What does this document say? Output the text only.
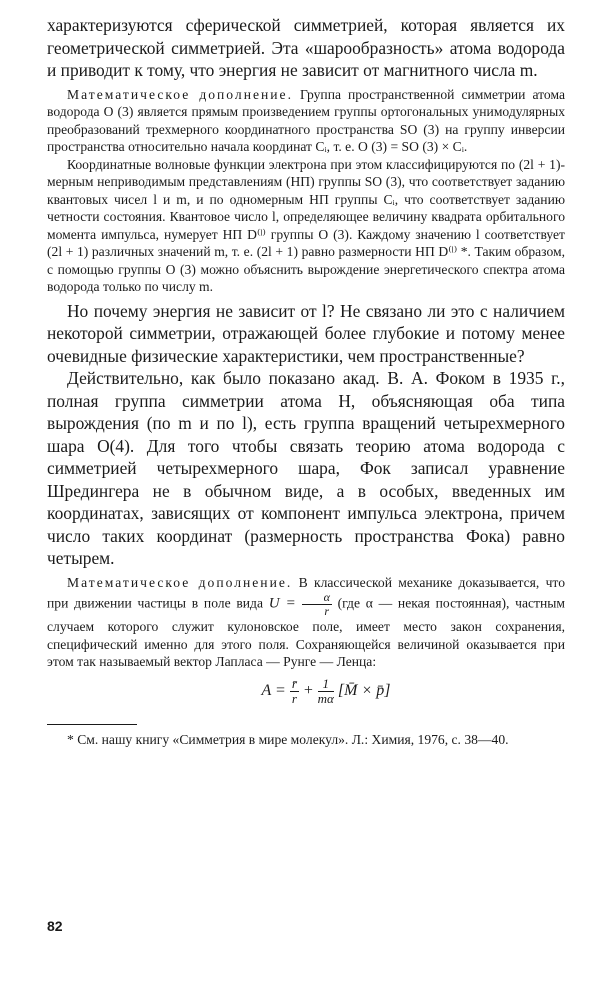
характеризуются сферической симметрией, которая является их геометрической симметрией. Эта «шарообразность» атома водорода и приводит к тому, что энергия не зависит от магнитного числа m.

Математическое дополнение. Группа пространственной симметрии атома водорода O (3) является прямым произведением группы ортогональных унимодулярных преобразований трехмерного координатного пространства SO (3) на группу инверсии пространства относительно начала координат Cᵢ, т. е. O (3) = SO (3) × Cᵢ.

Координатные волновые функции электрона при этом классифицируются по (2l + 1)-мерным неприводимым представлениям (НП) группы SO (3), что соответствует заданию квантовых чисел l и m, и по одномерным НП группы Cᵢ, что соответствует заданию четности состояния. Квантовое число l, определяющее величину квадрата орбитального момента импульса, нумерует НП D⁽ˡ⁾ группы O (3). Каждому значению l соответствует (2l + 1) различных значений m, т. е. (2l + 1) равно размерности НП D⁽ˡ⁾ *. Таким образом, с помощью группы O (3) можно объяснить вырождение энергетического спектра атома водорода только по числу m.

Но почему энергия не зависит от l? Не связано ли это с наличием некоторой симметрии, отражающей более глубокие и потому менее очевидные физические характеристики, чем пространственные?

Действительно, как было показано акад. В. А. Фоком в 1935 г., полная группа симметрии атома H, объясняющая оба типа вырождения (по m и по l), есть группа вращений четырехмерного шара O(4). Для того чтобы связать теорию атома водорода с симметрией четырехмерного шара, Фок записал уравнение Шредингера не в обычном виде, а в особых, введенных им координатах, зависящих от компонент импульса электрона, причем число таких координат (размерность пространства Фока) равно четырем.

Математическое дополнение. В классической механике доказывается, что при движении частицы в поле вида $U = \frac{\alpha}{r} (где$ α — некая постоянная), частным случаем которого служит кулоновское поле, имеет место закон сохранения, специфический именно для этого поля. Сохраняющейся величиной оказывается при этом так называемый вектор Лапласа — Рунге — Ленца:

$A = \frac{r̄}{r} + \frac{1}{m\alpha}$ [M̄ × p̄]

* См. нашу книгу «Симметрия в мире молекул». Л.: Химия, 1976, с. 38—40.

82
